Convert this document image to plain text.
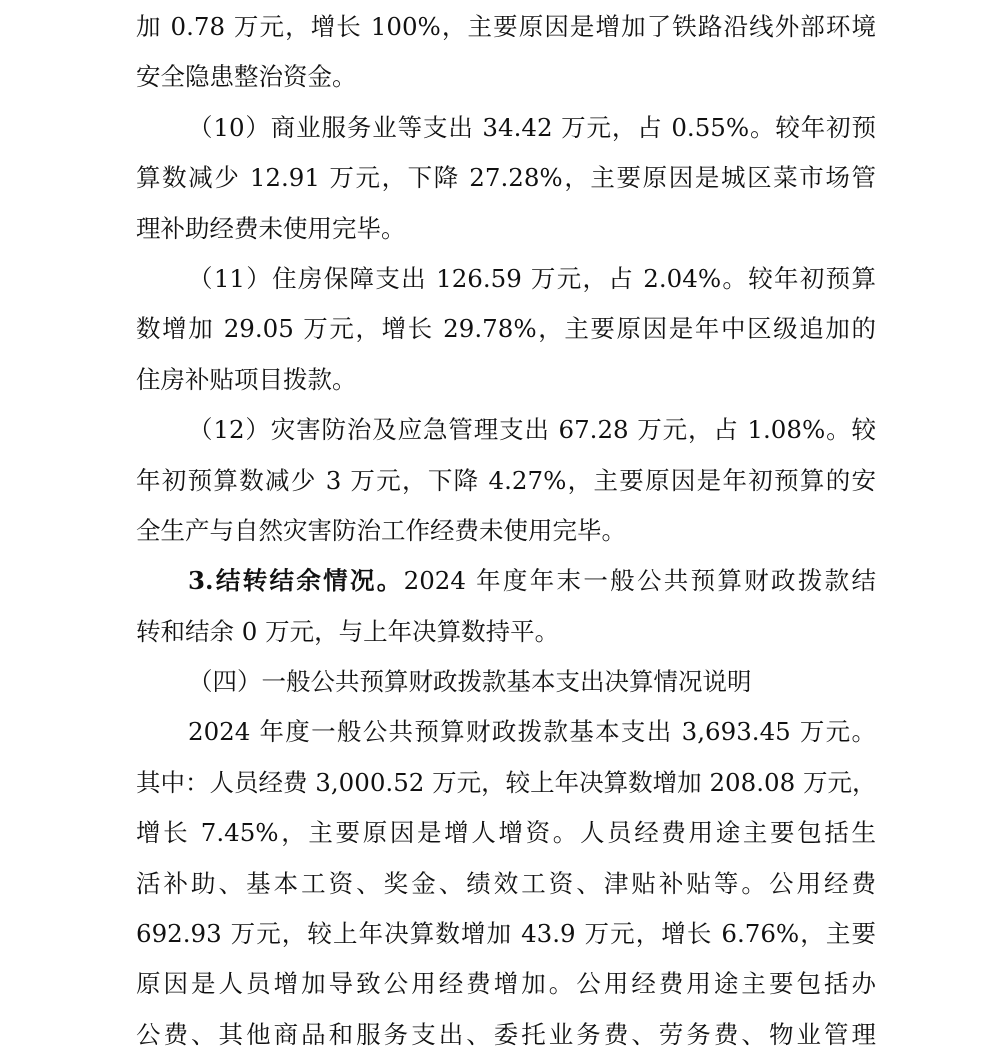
加 0.78 万元，增长 100%，主要原因是增加了铁路沿线外部环境
安全隐患整治资金。
（10）商业服务业等支出 34.42 万元，占 0.55%。较年初预
算数减少 12.91 万元，下降 27.28%，主要原因是城区菜市场管
理补助经费未使用完毕。
（11）住房保障支出 126.59 万元，占 2.04%。较年初预算
数增加 29.05 万元，增长 29.78%，主要原因是年中区级追加的
住房补贴项目拨款。
（12）灾害防治及应急管理支出 67.28 万元，占 1.08%。较
年初预算数减少 3 万元，下降 4.27%，主要原因是年初预算的安
全生产与自然灾害防治工作经费未使用完毕。
3.结转结余情况。2024 年度年末一般公共预算财政拨款结
转和结余 0 万元，与上年决算数持平。
（四）一般公共预算财政拨款基本支出决算情况说明
2024 年度一般公共预算财政拨款基本支出 3,693.45 万元。
其中：人员经费 3,000.52 万元，较上年决算数增加 208.08 万元，
增长 7.45%，主要原因是增人增资。人员经费用途主要包括生
活补助、基本工资、奖金、绩效工资、津贴补贴等。公用经费
692.93 万元，较上年决算数增加 43.9 万元，增长 6.76%，主要
原因是人员增加导致公用经费增加。公用经费用途主要包括办
公费、其他商品和服务支出、委托业务费、劳务费、物业管理
